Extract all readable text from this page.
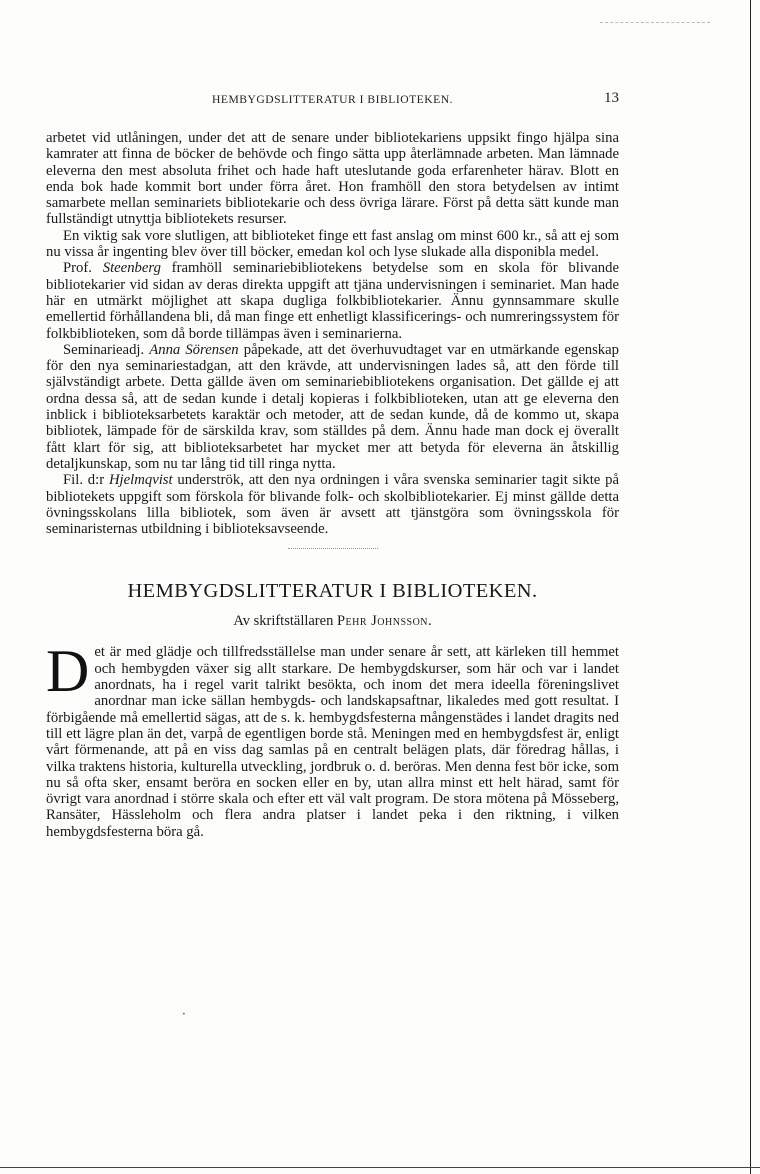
HEMBYGDSLITTERATUR I BIBLIOTEKEN.	13

arbetet vid utlåningen, under det att de senare under bibliotekariens uppsikt fingo hjälpa sina kamrater att finna de böcker de behövde och fingo sätta upp återlämnade arbeten. Man lämnade eleverna den mest absoluta frihet och hade haft uteslutande goda erfarenheter härav. Blott en enda bok hade kommit bort under förra året. Hon framhöll den stora betydelsen av intimt samarbete mellan seminariets bibliotekarie och dess övriga lärare. Först på detta sätt kunde man fullständigt utnyttja bibliotekets resurser.

En viktig sak vore slutligen, att biblioteket finge ett fast anslag om minst 600 kr., så att ej som nu vissa år ingenting blev över till böcker, emedan kol och lyse slukade alla disponibla medel.

Prof. Steenberg framhöll seminariebibliotekens betydelse som en skola för blivande bibliotekarier vid sidan av deras direkta uppgift att tjäna undervisningen i seminariet. Man hade här en utmärkt möjlighet att skapa dugliga folkbibliotekarier. Ännu gynnsammare skulle emellertid förhållandena bli, då man finge ett enhetligt klassificerings- och numreringssystem för folkbiblioteken, som då borde tillämpas även i seminarierna.

Seminarieadj. Anna Sörensen påpekade, att det överhuvudtaget var en utmärkande egenskap för den nya seminariestadgan, att den krävde, att undervisningen lades så, att den förde till självständigt arbete. Detta gällde även om seminariebibliotekens organisation. Det gällde ej att ordna dessa så, att de sedan kunde i detalj kopieras i folkbiblioteken, utan att ge eleverna den inblick i biblioteksarbetets karaktär och metoder, att de sedan kunde, då de kommo ut, skapa bibliotek, lämpade för de särskilda krav, som ställdes på dem. Ännu hade man dock ej överallt fått klart för sig, att biblioteksarbetet har mycket mer att betyda för eleverna än åtskillig detaljkunskap, som nu tar lång tid till ringa nytta.

Fil. d:r Hjelmqvist underströk, att den nya ordningen i våra svenska seminarier tagit sikte på bibliotekets uppgift som förskola för blivande folk- och skolbibliotekarier. Ej minst gällde detta övningsskolans lilla bibliotek, som även är avsett att tjänstgöra som övningsskola för seminaristernas utbildning i biblioteksavseende.

HEMBYGDSLITTERATUR I BIBLIOTEKEN.
Av skriftställaren Pehr Johnsson.

Det är med glädje och tillfredsställelse man under senare år sett, att kärleken till hemmet och hembygden växer sig allt starkare. De hembygdskurser, som här och var i landet anordnats, ha i regel varit talrikt besökta, och inom det mera ideella föreningslivet anordnar man icke sällan hembygds- och landskapsaftnar, likaledes med gott resultat. I förbigående må emellertid sägas, att de s. k. hembygdsfesterna mångenstädes i landet dragits ned till ett lägre plan än det, varpå de egentligen borde stå. Meningen med en hembygdsfest är, enligt vårt förmenande, att på en viss dag samlas på en centralt belägen plats, där föredrag hållas, i vilka traktens historia, kulturella utveckling, jordbruk o. d. beröras. Men denna fest bör icke, som nu så ofta sker, ensamt beröra en socken eller en by, utan allra minst ett helt härad, samt för övrigt vara anordnad i större skala och efter ett väl valt program. De stora mötena på Mösseberg, Ransäter, Hässleholm och flera andra platser i landet peka i den riktning, i vilken hembygdsfesterna böra gå.

‧
